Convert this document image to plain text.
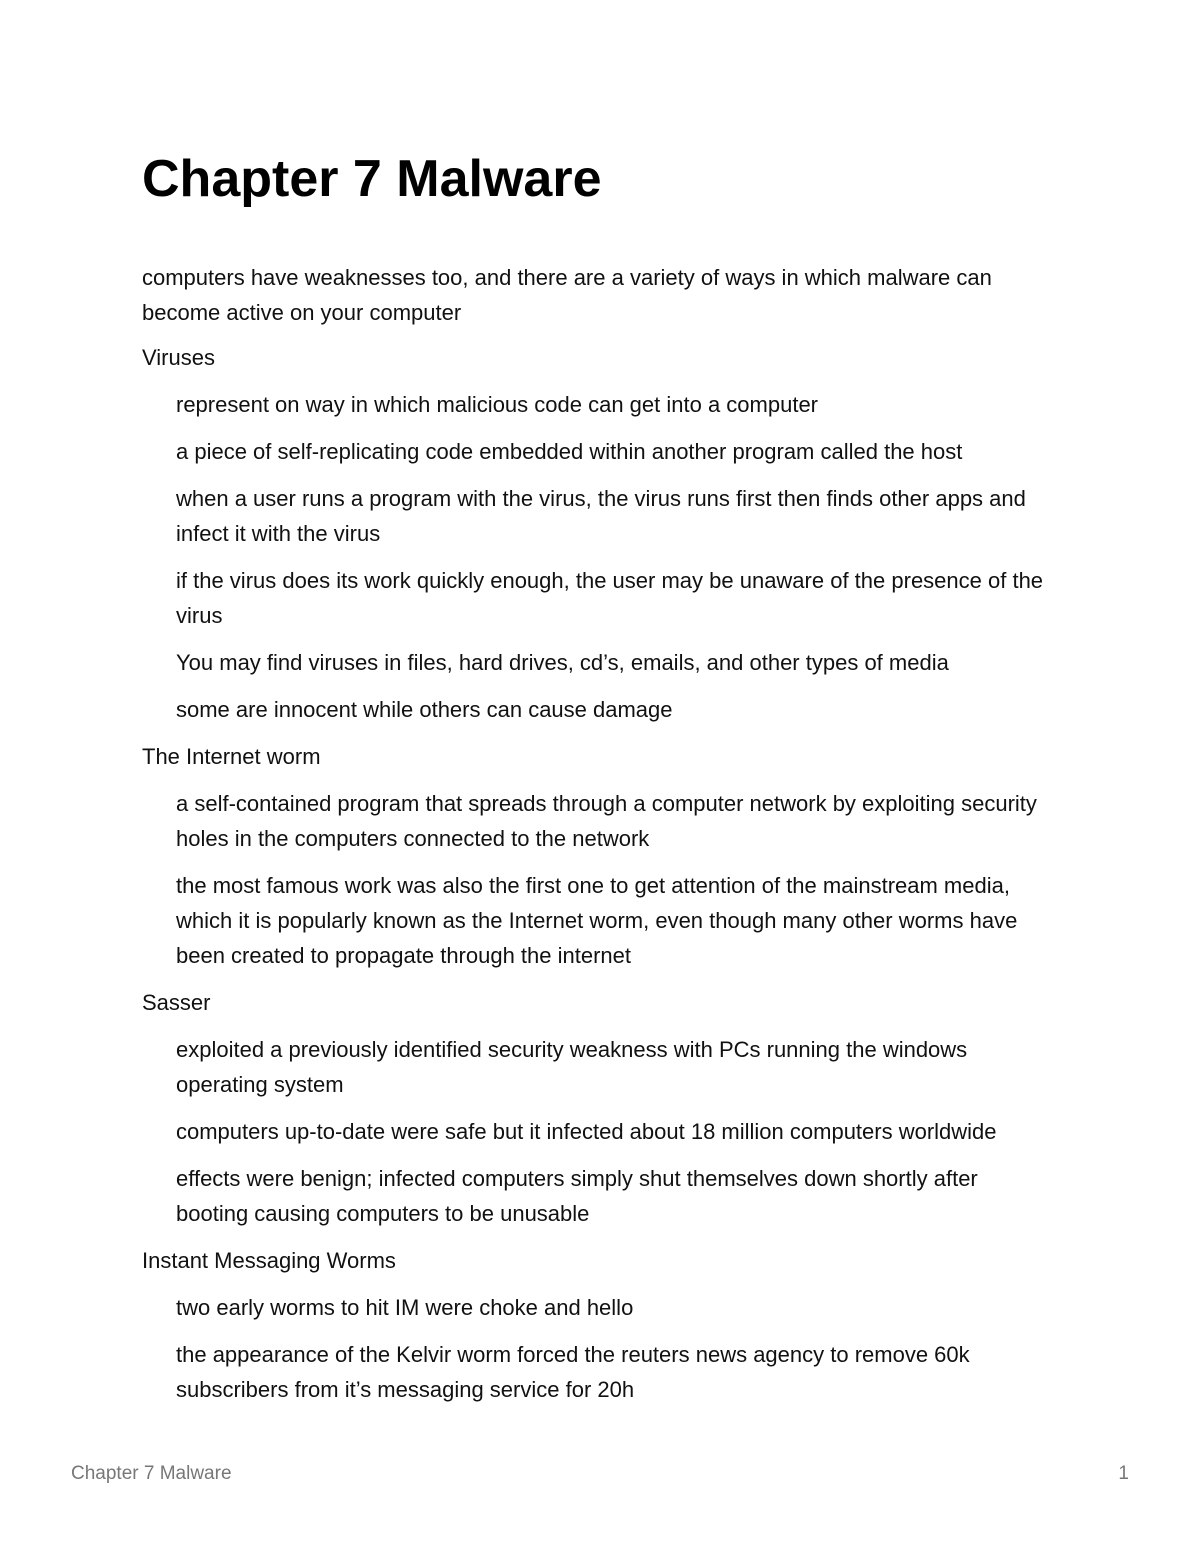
Chapter 7 Malware

computers have weaknesses too, and there are a variety of ways in which malware can become active on your computer

Viruses

represent on way in which malicious code can get into a computer
a piece of self-replicating code embedded within another program called the host
when a user runs a program with the virus, the virus runs first then finds other apps and infect it with the virus
if the virus does its work quickly enough, the user may be unaware of the presence of the virus
You may find viruses in files, hard drives, cd’s, emails, and other types of media
some are innocent while others can cause damage

The Internet worm

a self-contained program that spreads through a computer network by exploiting security holes in the computers connected to the network
the most famous work was also the first one to get attention of the mainstream media, which it is popularly known as the Internet worm, even though many other worms have been created to propagate through the internet

Sasser

exploited a previously identified security weakness with PCs running the windows operating system
computers up-to-date were safe but it infected about 18 million computers worldwide
effects were benign; infected computers simply shut themselves down shortly after booting causing computers to be unusable

Instant Messaging Worms

two early worms to hit IM were choke and hello
the appearance of the Kelvir worm forced the reuters news agency to remove 60k subscribers from it’s messaging service for 20h
Chapter 7 Malware	1
